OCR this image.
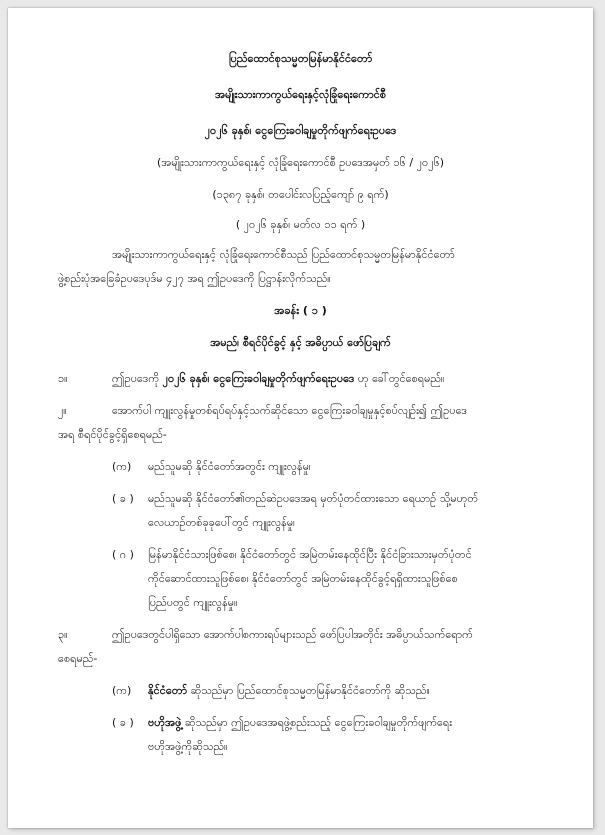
ပြည်ထောင်စုသမ္မတမြန်မာနိုင်ငံတော်
အမျိုးသားကာကွယ်ရေးနှင့်လုံခြုံရေးကောင်စီ
၂၀၂၆ ခုနှစ်၊ ငွေကြေးခဝါချမှုတိုက်ဖျက်ရေးဥပဒေ
(အမျိုးသားကာကွယ်ရေးနှင့် လုံခြုံရေးကောင်စီ ဥပဒေအမှတ် ၁၆ / ၂၀၂၆)
(၁၃၈၇ ခုနှစ်၊ တပေါင်းလပြည့်ကျော် ၉ ရက်)
( ၂၀၂၆ ခုနှစ်၊ မတ်လ ၁၁ ရက် )
အမျိုးသားကာကွယ်ရေးနှင့် လုံခြုံရေးကောင်စီသည် ပြည်ထောင်စုသမ္မတမြန်မာနိုင်ငံတော်
ဖွဲ့စည်းပုံအခြေခံဥပဒေပုဒ်မ ၄၂၇ အရ ဤဥပဒေကို ပြဋ္ဌာန်းလိုက်သည်။
အခန်း ( ၁ )
အမည်၊ စီရင်ပိုင်ခွင့် နှင့် အဓိပ္ပာယ် ဖော်ပြချက်
၁။	ဤဥပဒေကို ၂၀၂၆ ခုနှစ်၊ ငွေကြေးခဝါချမှုတိုက်ဖျက်ရေးဥပဒေ ဟု ခေါ်တွင်စေရမည်။
၂။	အောက်ပါ ကျူးလွန်မှုတစ်ရပ်ရပ်နှင့်သက်ဆိုင်သော ငွေကြေးခဝါချမှုနှင့်စပ်လျဉ်း၍ ဤဥပဒေ
အရ စီရင်ပိုင်ခွင့်ရှိစေရမည်-
(က) မည်သူမဆို နိုင်ငံတော်အတွင်း ကျူးလွန်မှု၊
( ခ ) မည်သူမဆို နိုင်ငံတော်၏တည်ဆဲဥပဒေအရ မှတ်ပုံတင်ထားသော ရေယာဉ် သို့မဟုတ်
လေယာဉ်တစ်ခုခုပေါ်တွင် ကျူးလွန်မှု၊
( ဂ ) မြန်မာနိုင်ငံသားဖြစ်စေ၊ နိုင်ငံတော်တွင် အမြဲတမ်းနေထိုင်ပြီး နိုင်ငံခြားသားမှတ်ပုံတင်
ကိုင်ဆောင်ထားသူဖြစ်စေ၊ နိုင်ငံတော်တွင် အမြဲတမ်းနေထိုင်ခွင့်ရရှိထားသူဖြစ်စေ
ပြည်ပတွင် ကျူးလွန်မှု။
၃။	ဤဥပဒေတွင်ပါရှိသော အောက်ပါစကားရပ်များသည် ဖော်ပြပါအတိုင်း အဓိပ္ပာယ်သက်ရောက်
စေရမည်-
(က) နိုင်ငံတော် ဆိုသည်မှာ ပြည်ထောင်စုသမ္မတမြန်မာနိုင်ငံတော်ကို ဆိုသည်။
( ခ ) ဗဟိုအဖွဲ့ ဆိုသည်မှာ ဤဥပဒေအရဖွဲ့စည်းသည့် ငွေကြေးခဝါချမှုတိုက်ဖျက်ရေး
ဗဟိုအဖွဲ့ကိုဆိုသည်။
